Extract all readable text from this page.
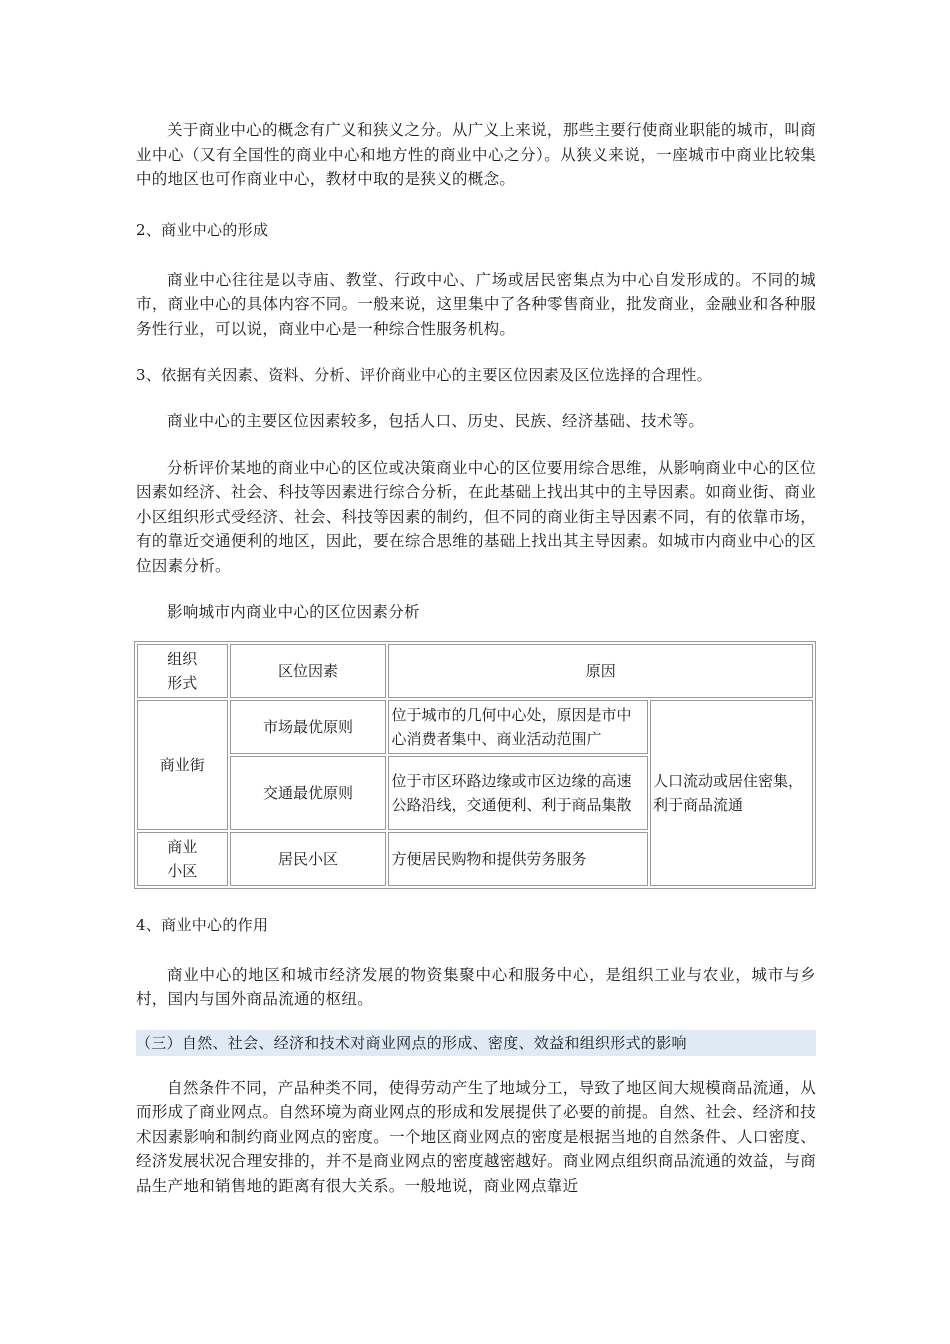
关于商业中心的概念有广义和狭义之分。从广义上来说，那些主要行使商业职能的城市，叫商业中心（又有全国性的商业中心和地方性的商业中心之分）。从狭义来说，一座城市中商业比较集中的地区也可作商业中心，教材中取的是狭义的概念。

2、商业中心的形成

商业中心往往是以寺庙、教堂、行政中心、广场或居民密集点为中心自发形成的。不同的城市，商业中心的具体内容不同。一般来说，这里集中了各种零售商业，批发商业，金融业和各种服务性行业，可以说，商业中心是一种综合性服务机构。

3、依据有关因素、资料、分析、评价商业中心的主要区位因素及区位选择的合理性。

商业中心的主要区位因素较多，包括人口、历史、民族、经济基础、技术等。

分析评价某地的商业中心的区位或决策商业中心的区位要用综合思维，从影响商业中心的区位因素如经济、社会、科技等因素进行综合分析，在此基础上找出其中的主导因素。如商业街、商业小区组织形式受经济、社会、科技等因素的制约，但不同的商业街主导因素不同，有的依靠市场，有的靠近交通便利的地区，因此，要在综合思维的基础上找出其主导因素。如城市内商业中心的区位因素分析。

影响城市内商业中心的区位因素分析

组织
形式	区位因素	原因	
商业街	市场最优原则	位于城市的几何中心处，原因是市中心消费者集中、商业活动范围广	人口流动或居住密集，利于商品流通
	交通最优原则	位于市区环路边缘或市区边缘的高速公路沿线，交通便利、利于商品集散	

商业
小区	居民小区	方便居民购物和提供劳务服务	

4、商业中心的作用

商业中心的地区和城市经济发展的物资集聚中心和服务中心，是组织工业与农业，城市与乡村，国内与国外商品流通的枢纽。

（三）自然、社会、经济和技术对商业网点的形成、密度、效益和组织形式的影响

自然条件不同，产品种类不同，使得劳动产生了地域分工，导致了地区间大规模商品流通，从而形成了商业网点。自然环境为商业网点的形成和发展提供了必要的前提。自然、社会、经济和技术因素影响和制约商业网点的密度。一个地区商业网点的密度是根据当地的自然条件、人口密度、经济发展状况合理安排的，并不是商业网点的密度越密越好。商业网点组织商品流通的效益，与商品生产地和销售地的距离有很大关系。一般地说，商业网点靠近
